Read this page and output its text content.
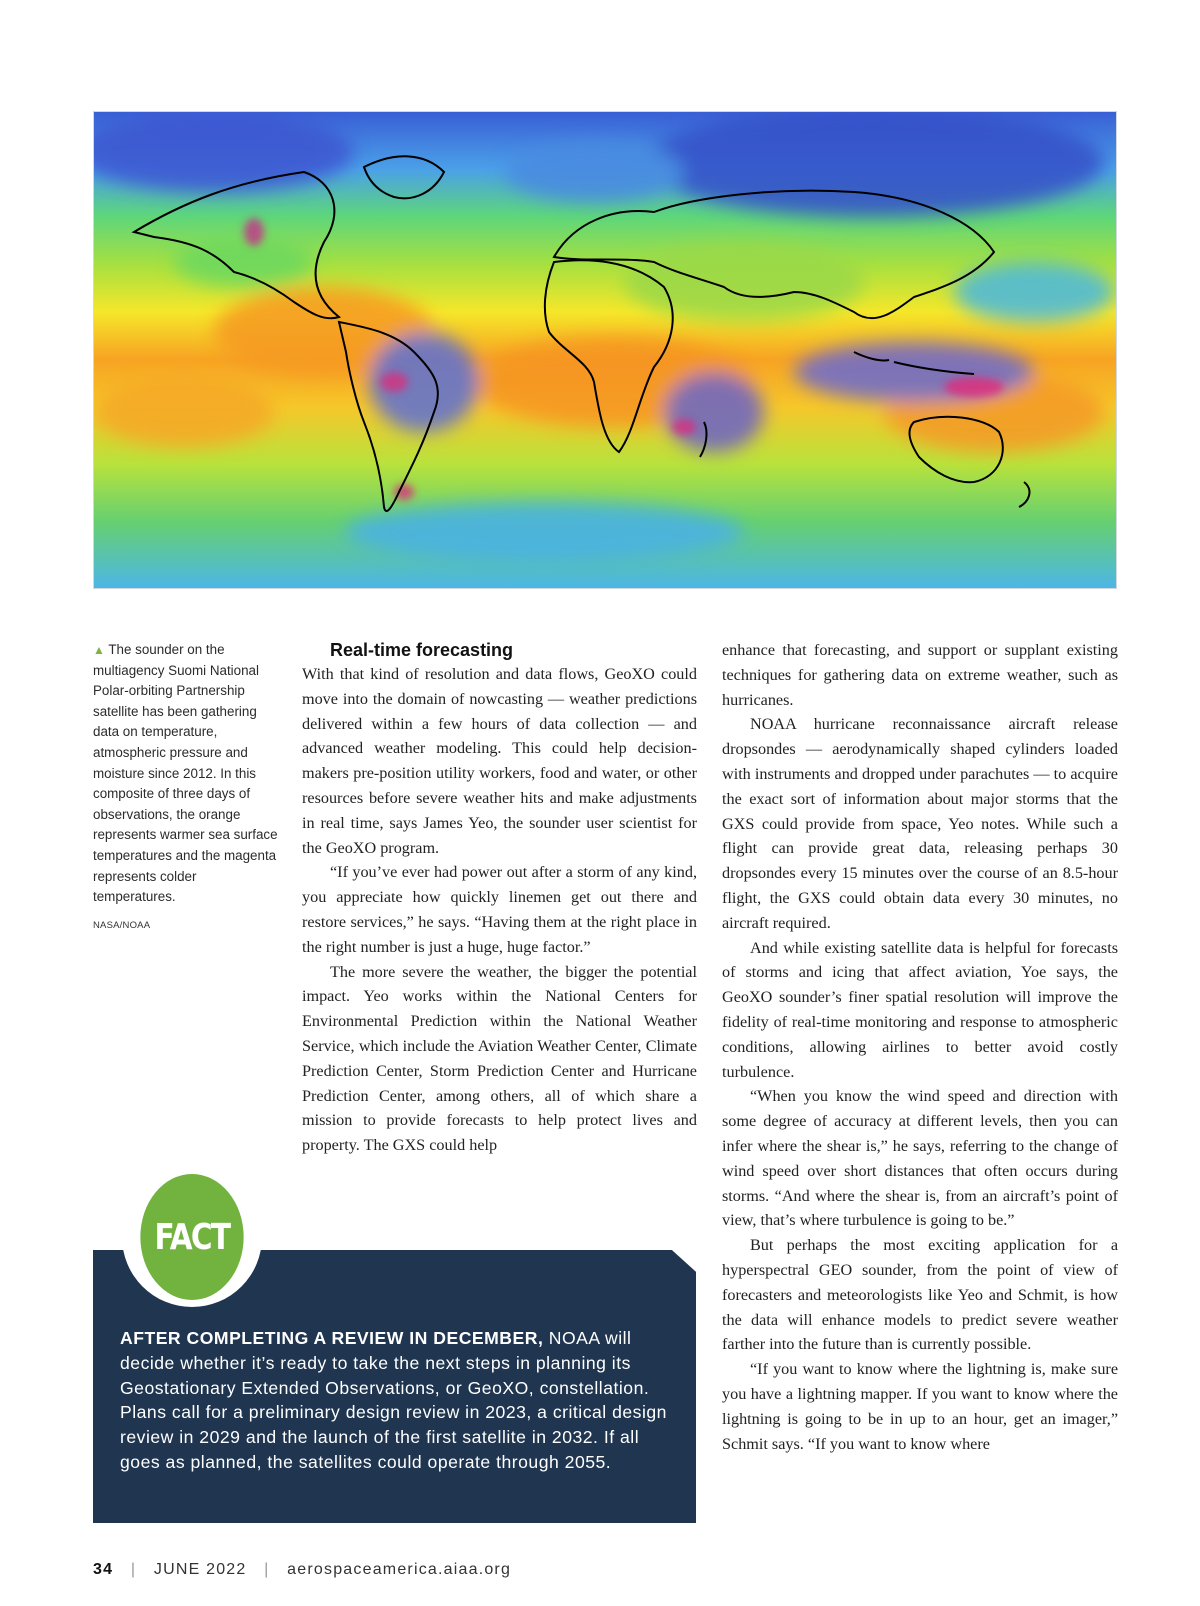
▲ The sounder on the multiagency Suomi National Polar-orbiting Partnership satellite has been gathering data on temperature, atmospheric pressure and moisture since 2012. In this composite of three days of observations, the orange represents warmer sea surface temperatures and the magenta represents colder temperatures.
NASA/NOAA

Real-time forecasting

With that kind of resolution and data flows, GeoXO could move into the domain of nowcasting — weather predictions delivered within a few hours of data collection — and advanced weather modeling. This could help decision-makers pre-position utility workers, food and water, or other resources before severe weather hits and make adjustments in real time, says James Yeo, the sounder user scientist for the GeoXO program.

“If you’ve ever had power out after a storm of any kind, you appreciate how quickly linemen get out there and restore services,” he says. “Having them at the right place in the right number is just a huge, huge factor.”

The more severe the weather, the bigger the potential impact. Yeo works within the National Centers for Environmental Prediction within the National Weather Service, which include the Aviation Weather Center, Climate Prediction Center, Storm Prediction Center and Hurricane Prediction Center, among others, all of which share a mission to provide forecasts to help protect lives and property. The GXS could help

enhance that forecasting, and support or supplant existing techniques for gathering data on extreme weather, such as hurricanes.

NOAA hurricane reconnaissance aircraft release dropsondes — aerodynamically shaped cylinders loaded with instruments and dropped under parachutes — to acquire the exact sort of information about major storms that the GXS could provide from space, Yeo notes. While such a flight can provide great data, releasing perhaps 30 dropsondes every 15 minutes over the course of an 8.5-hour flight, the GXS could obtain data every 30 minutes, no aircraft required.

And while existing satellite data is helpful for forecasts of storms and icing that affect aviation, Yoe says, the GeoXO sounder’s finer spatial resolution will improve the fidelity of real-time monitoring and response to atmospheric conditions, allowing airlines to better avoid costly turbulence.

“When you know the wind speed and direction with some degree of accuracy at different levels, then you can infer where the shear is,” he says, referring to the change of wind speed over short distances that often occurs during storms. “And where the shear is, from an aircraft’s point of view, that’s where turbulence is going to be.”

But perhaps the most exciting application for a hyperspectral GEO sounder, from the point of view of forecasters and meteorologists like Yeo and Schmit, is how the data will enhance models to predict severe weather farther into the future than is currently possible.

“If you want to know where the lightning is, make sure you have a lightning mapper. If you want to know where the lightning is going to be in up to an hour, get an imager,” Schmit says. “If you want to know where

FACT
AFTER COMPLETING A REVIEW IN DECEMBER, NOAA will decide whether it’s ready to take the next steps in planning its Geostationary Extended Observations, or GeoXO, constellation. Plans call for a preliminary design review in 2023, a critical design review in 2029 and the launch of the first satellite in 2032. If all goes as planned, the satellites could operate through 2055.
34 | JUNE 2022 | aerospaceamerica.aiaa.org
